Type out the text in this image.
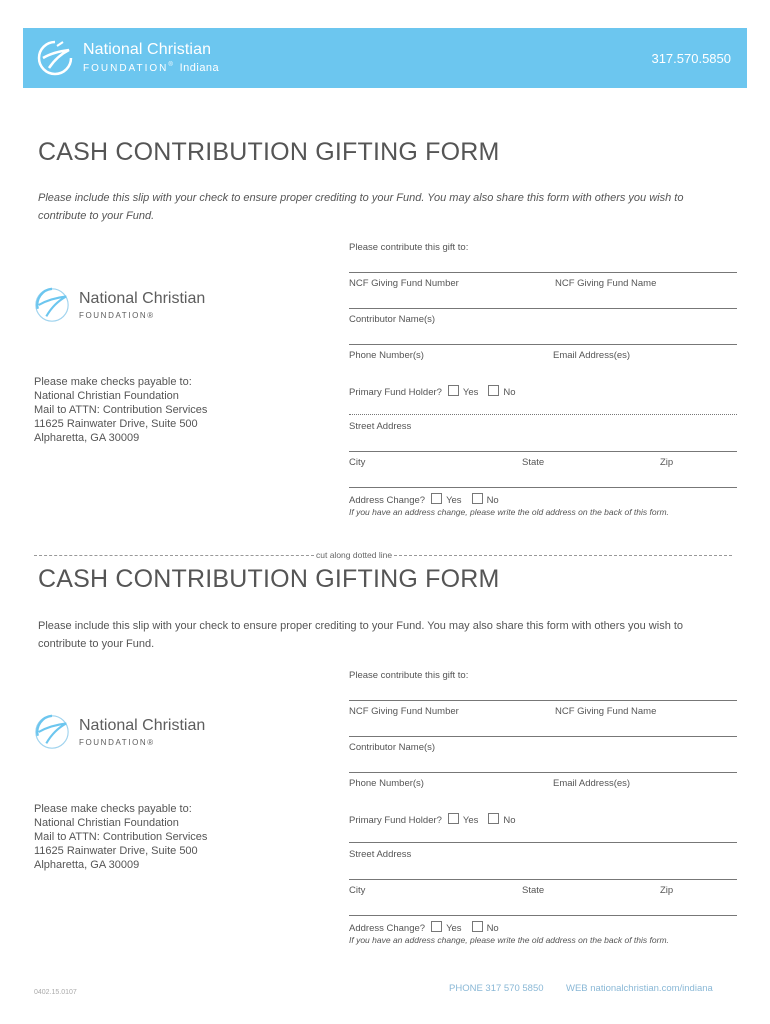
National Christian
FOUNDATION® Indiana
317.570.5850
CASH CONTRIBUTION GIFTING FORM
Please include this slip with your check to ensure proper crediting to your Fund. You may also share this form with others you wish to contribute to your Fund.
Please contribute this gift to:
NCF Giving Fund Number	NCF Giving Fund Name
Contributor Name(s)
Phone Number(s)	Email Address(es)
Primary Fund Holder? Yes	No
Street Address
City	State	Zip
Address Change? Yes	No
If you have an address change, please write the old address on the back of this form.
National Christian
FOUNDATION®
Please make checks payable to:
National Christian Foundation
Mail to ATTN: Contribution Services
11625 Rainwater Drive, Suite 500
Alpharetta, GA 30009
cut along dotted line
CASH CONTRIBUTION GIFTING FORM
Please include this slip with your check to ensure proper crediting to your Fund. You may also share this form with others you wish to contribute to your Fund.
Please contribute this gift to:
NCF Giving Fund Number	NCF Giving Fund Name
Contributor Name(s)
Phone Number(s)	Email Address(es)
Primary Fund Holder? Yes	No
Street Address
City	State	Zip
Address Change? Yes	No
If you have an address change, please write the old address on the back of this form.
National Christian
FOUNDATION®
Please make checks payable to:
National Christian Foundation
Mail to ATTN: Contribution Services
11625 Rainwater Drive, Suite 500
Alpharetta, GA 30009
0402.15.0107	PHONE 317 570 5850 WEB nationalchristian.com/indiana
